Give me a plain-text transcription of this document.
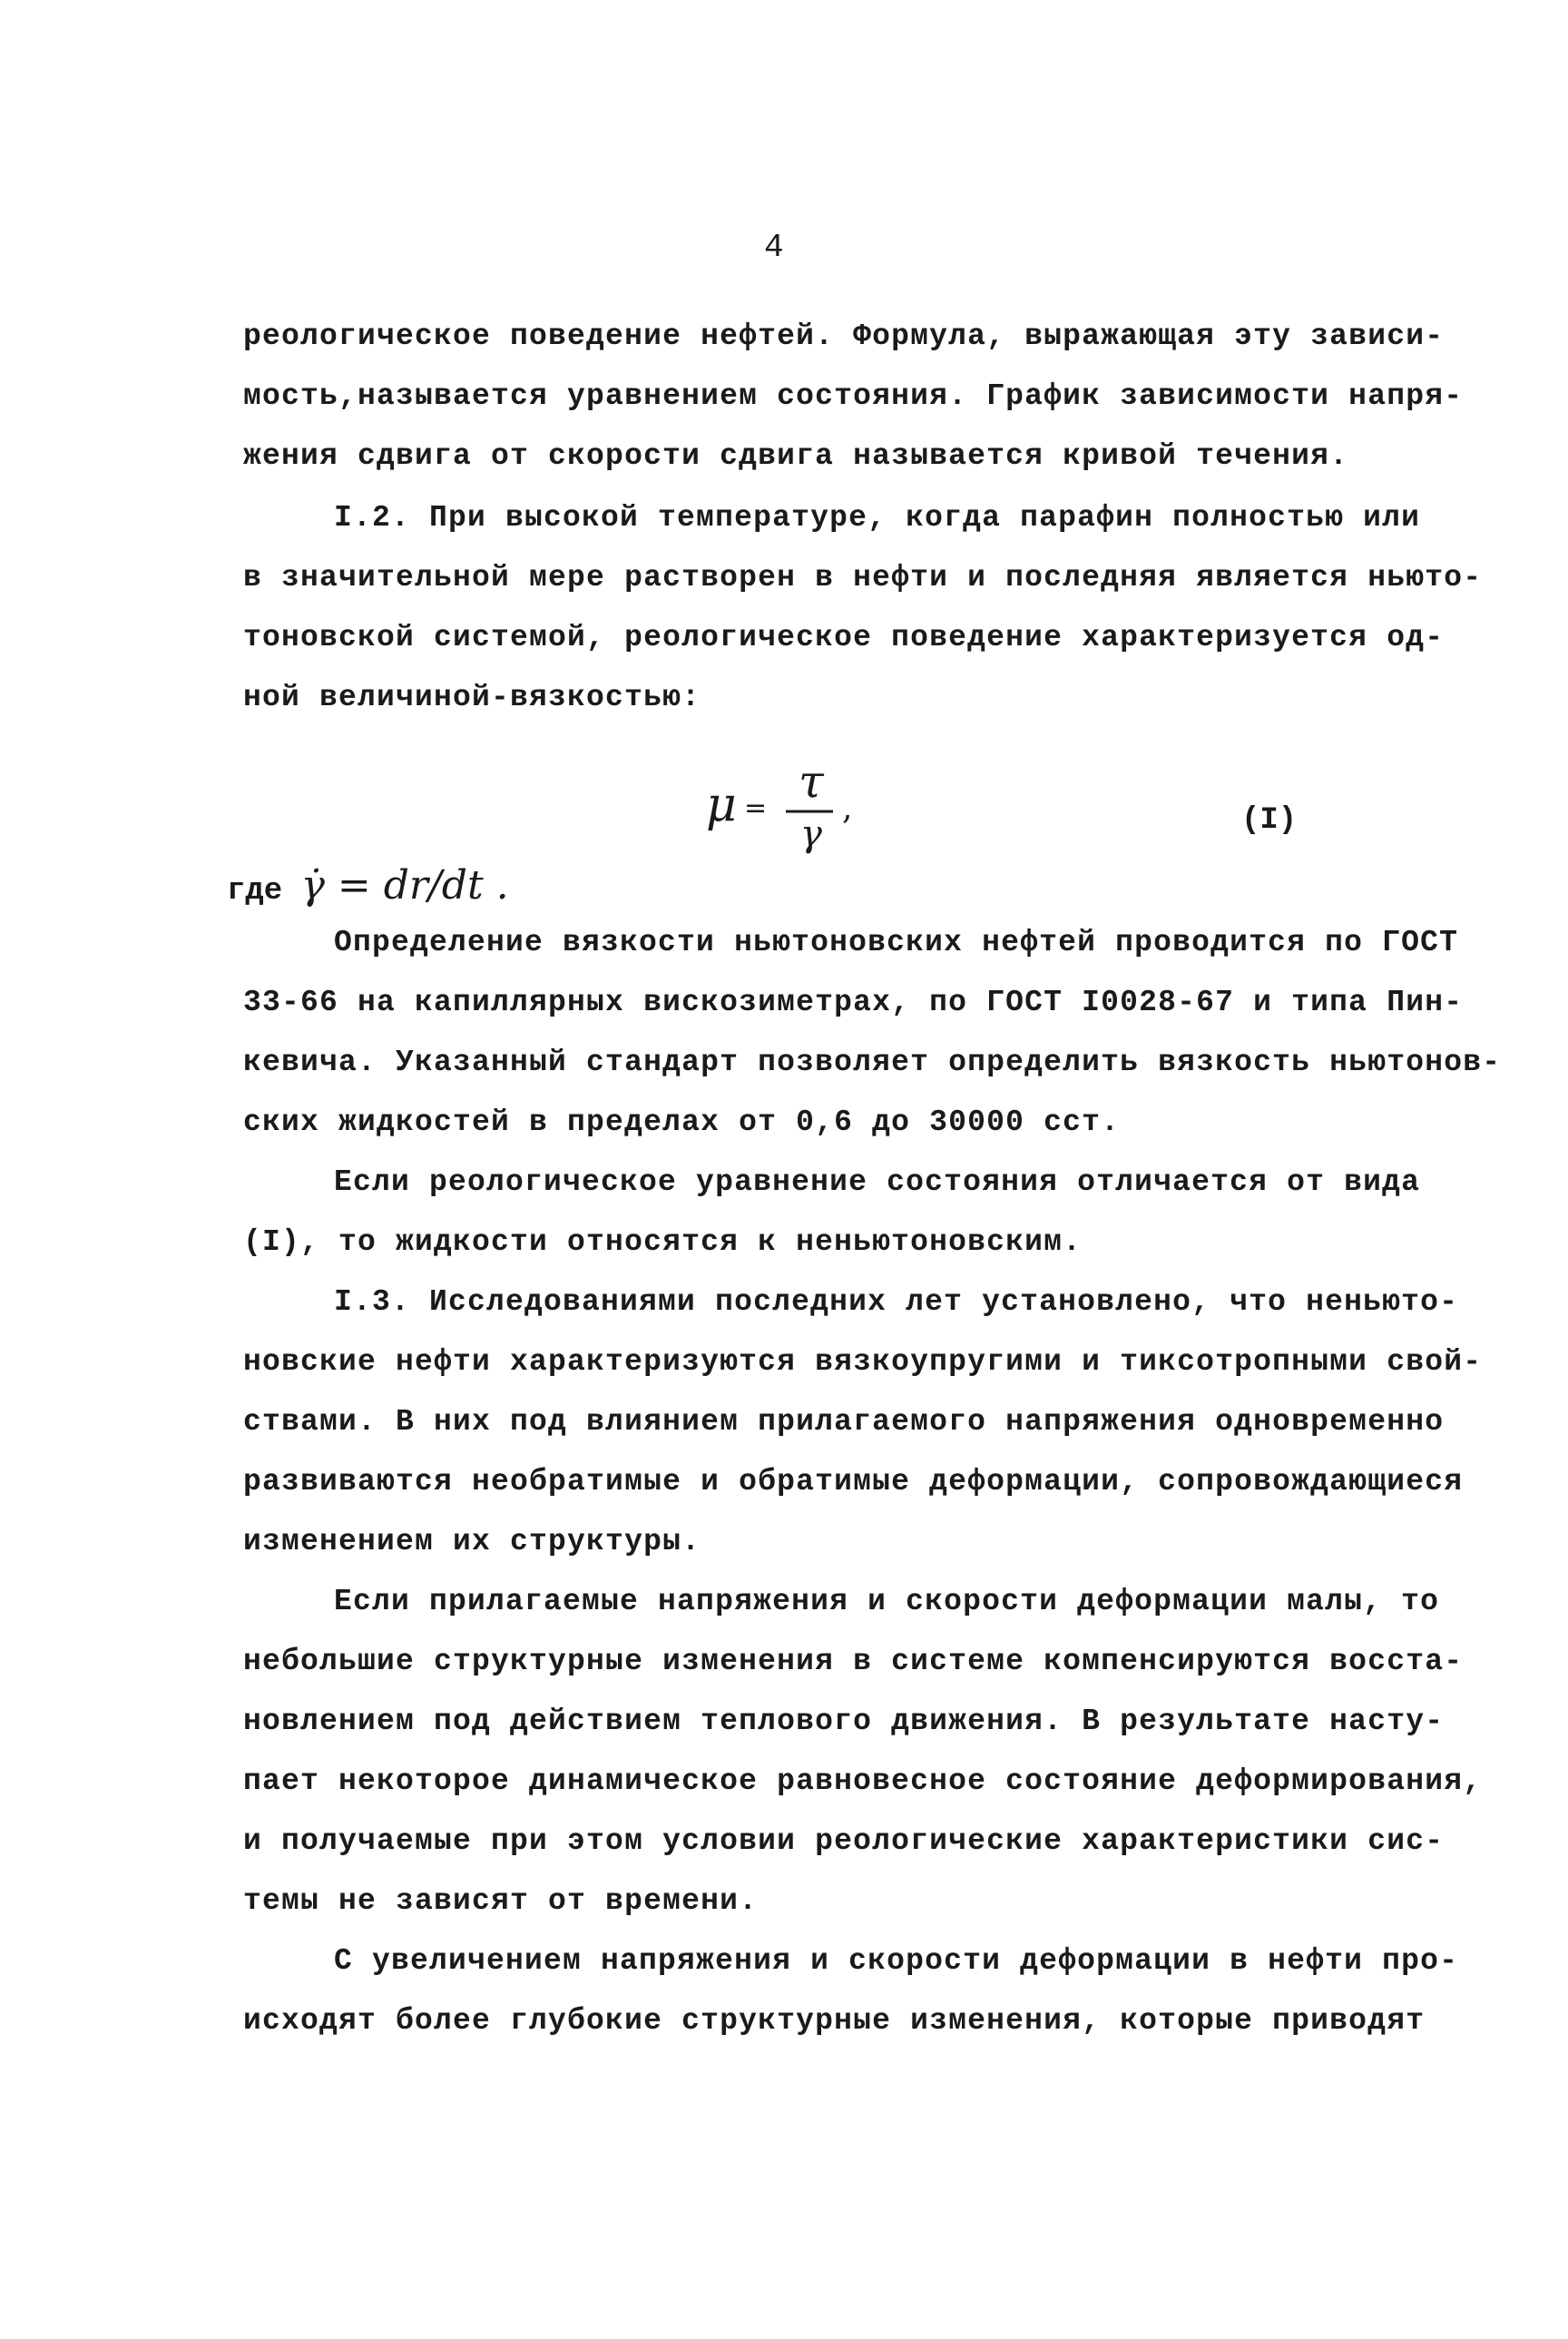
4
реологическое поведение нефтей. Формула, выражающая эту зависи-
мость,называется уравнением состояния. График зависимости напря-
жения сдвига от скорости сдвига называется кривой течения.
I.2. При высокой температуре, когда парафин полностью или
в значительной мере растворен в нефти и последняя является ньюто-
тоновской системой, реологическое поведение характеризуется од-
ной величиной-вязкостью:
μ =
τ
γ
,	(I)
где γ̇ = dr/dt .
Определение вязкости ньютоновских нефтей проводится по ГОСТ
33-66 на капиллярных вискозиметрах, по ГОСТ I0028-67 и типа Пин-
кевича. Указанный стандарт позволяет определить вязкость ньютонов-
ских жидкостей в пределах от 0,6 до 30000 сст.
Если реологическое уравнение состояния отличается от вида
(I), то жидкости относятся к неньютоновским.
I.3. Исследованиями последних лет установлено, что неньюто-
новские нефти характеризуются вязкоупругими и тиксотропными свой-
ствами. В них под влиянием прилагаемого напряжения одновременно
развиваются необратимые и обратимые деформации, сопровождающиеся
изменением их структуры.
Если прилагаемые напряжения и скорости деформации малы, то
небольшие структурные изменения в системе компенсируются восста-
новлением под действием теплового движения. В результате насту-
пает некоторое динамическое равновесное состояние деформирования,
и получаемые при этом условии реологические характеристики сис-
темы не зависят от времени.
С увеличением напряжения и скорости деформации в нефти про-
исходят более глубокие структурные изменения, которые приводят
